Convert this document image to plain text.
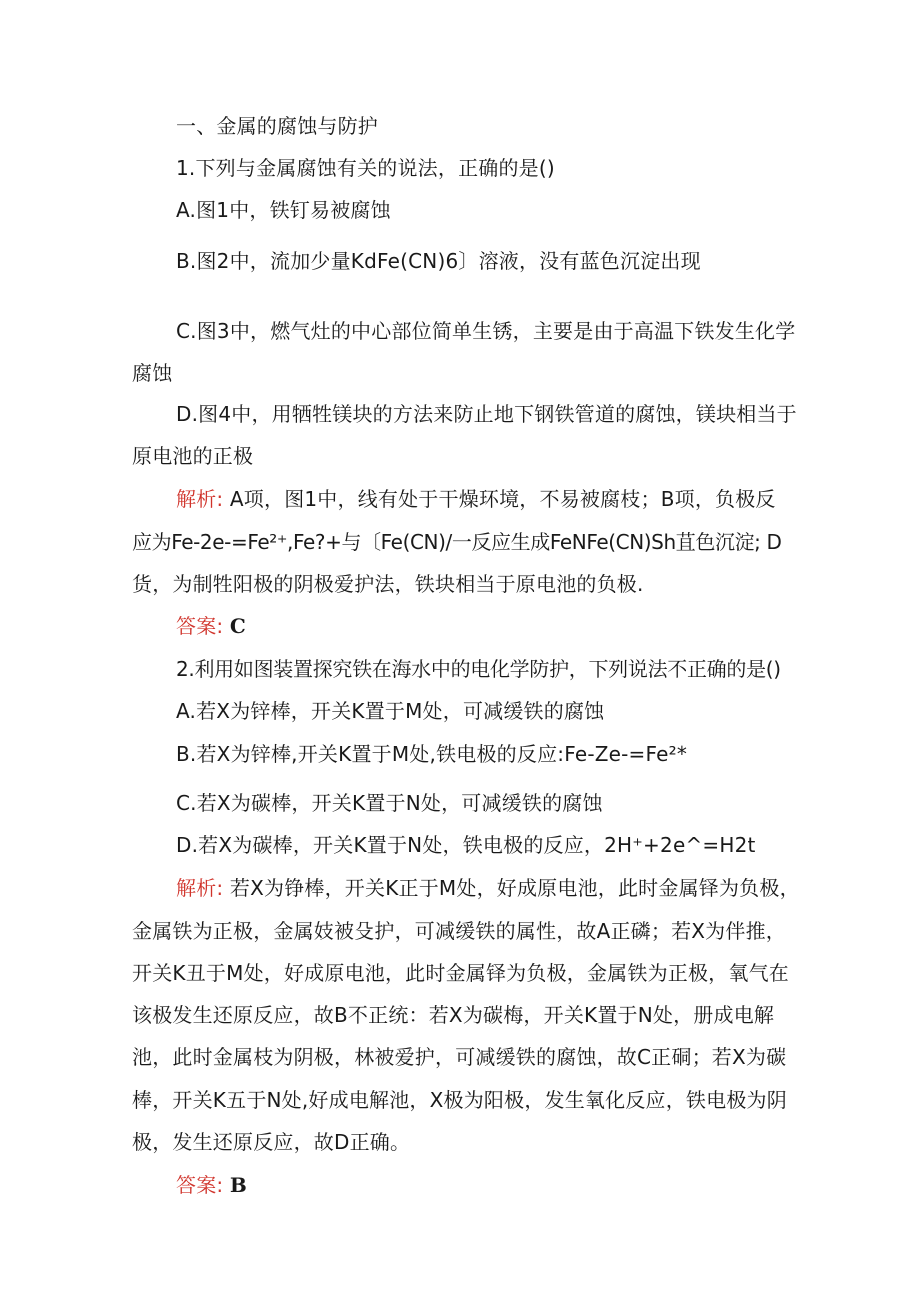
一、金属的腐蚀与防护
1.下列与金属腐蚀有关的说法，正确的是()
A.图1中，铁钉易被腐蚀
B.图2中，流加少量KdFe(CN)6〕溶液，没有蓝色沉淀出现
C.图3中，燃气灶的中心部位简单生锈，主要是由于高温下铁发生化学
腐蚀
D.图4中，用牺牲镁块的方法来防止地下钢铁管道的腐蚀，镁块相当于
原电池的正极
解析: A项，图1中，线有处于干燥环境，不易被腐枝；B项，负极反
应为Fe-2e-=Fe²⁺,Fe?+与〔Fe(CN)/一反应生成FeNFe(CN)Sh苴色沉淀; D
货，为制牲阳极的阴极爱护法，铁块相当于原电池的负极.
答案: C
2.利用如图装置探究铁在海水中的电化学防护，下列说法不正确的是()
A.若X为锌棒，开关K置于M处，可减缓铁的腐蚀
B.若X为锌棒,开关K置于M处,铁电极的反应:Fe-Ze-=Fe²*
C.若X为碳棒，开关K置于N处，可减缓铁的腐蚀
D.若X为碳棒，开关K置于N处，铁电极的反应，2H⁺+2e^=H2t
解析: 若X为铮棒，开关K正于M处，好成原电池，此时金属铎为负极，
金属铁为正极，金属妓被殳护，可减缓铁的属性，故A正磷；若X为伴推，
开关K丑于M处，好成原电池，此时金属铎为负极，金属铁为正极，氧气在
该极发生还原反应，故B不正统：若X为碳梅，开关K置于N处，册成电解
池，此时金属枝为阴极，林被爱护，可减缓铁的腐蚀，故C正硐；若X为碳
棒，开关K五于N处,好成电解池，X极为阳极，发生氧化反应，铁电极为阴
极，发生还原反应，故D正确。
答案: B
